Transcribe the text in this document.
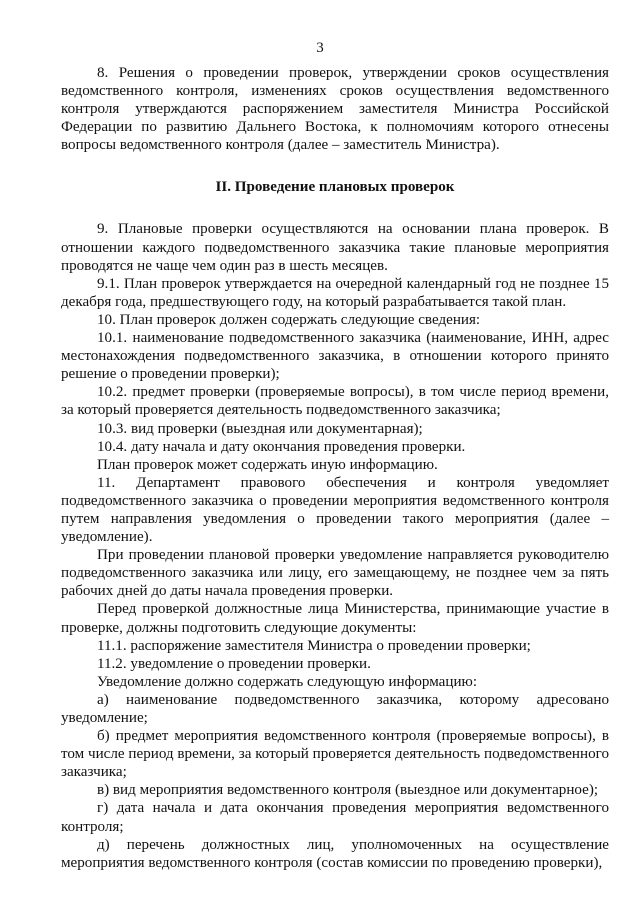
3

8. Решения о проведении проверок, утверждении сроков осуществления ведомственного контроля, изменениях сроков осуществления ведомственного контроля утверждаются распоряжением заместителя Министра Российской Федерации по развитию Дальнего Востока, к полномочиям которого отнесены вопросы ведомственного контроля (далее – заместитель Министра).

II. Проведение плановых проверок

9. Плановые проверки осуществляются на основании плана проверок. В отношении каждого подведомственного заказчика такие плановые мероприятия проводятся не чаще чем один раз в шесть месяцев.

9.1. План проверок утверждается на очередной календарный год не позднее 15 декабря года, предшествующего году, на который разрабатывается такой план.

10. План проверок должен содержать следующие сведения:

10.1. наименование подведомственного заказчика (наименование, ИНН, адрес местонахождения подведомственного заказчика, в отношении которого принято решение о проведении проверки);

10.2. предмет проверки (проверяемые вопросы), в том числе период времени, за который проверяется деятельность подведомственного заказчика;

10.3. вид проверки (выездная или документарная);

10.4. дату начала и дату окончания проведения проверки.

План проверок может содержать иную информацию.

11. Департамент правового обеспечения и контроля уведомляет подведомственного заказчика о проведении мероприятия ведомственного контроля путем направления уведомления о проведении такого мероприятия (далее – уведомление).

При проведении плановой проверки уведомление направляется руководителю подведомственного заказчика или лицу, его замещающему, не позднее чем за пять рабочих дней до даты начала проведения проверки.

Перед проверкой должностные лица Министерства, принимающие участие в проверке, должны подготовить следующие документы:

11.1. распоряжение заместителя Министра о проведении проверки;

11.2. уведомление о проведении проверки.

Уведомление должно содержать следующую информацию:

а) наименование подведомственного заказчика, которому адресовано уведомление;

б) предмет мероприятия ведомственного контроля (проверяемые вопросы), в том числе период времени, за который проверяется деятельность подведомственного заказчика;

в) вид мероприятия ведомственного контроля (выездное или документарное);

г) дата начала и дата окончания проведения мероприятия ведомственного контроля;

д) перечень должностных лиц, уполномоченных на осуществление мероприятия ведомственного контроля (состав комиссии по проведению проверки),
